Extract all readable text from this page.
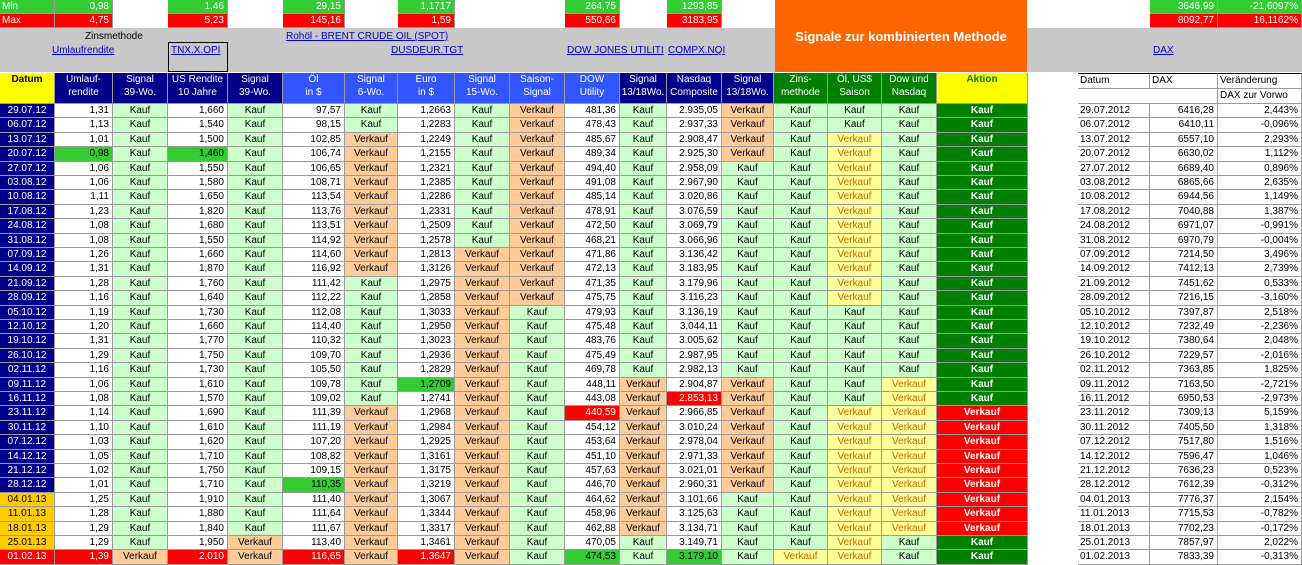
Min	0,98	1,46	29,15	1,1717	264,75	1293,85	3646,99	-21,6097%
Max	4,75	5,23	145,16	1,59	550,66	3183,95	8092,77	16,1162%
Zinsmethode
Umlaufrendite	TNX.X.OPI
Rohöl - BRENT CRUDE OIL (SPOT)
DUSDEUR.TGT	DOW JONES UTILITI COMPX.NQI	DAX
Signale zur kombinierten Methode
Datum	Umlauf-
rendite
Signal
39-Wo.
US Rendite
10 Jahre
Signal
39-Wo.
Öl
in $
Signal
6-Wo.
Euro
in $
Signal
15-Wo.
Saison-
Signal
DOW
Utility
Signal
13/18Wo.
Nasdaq
Composite
Signal
13/18Wo.
Zins-
methode
Öl, US$
Saison
Dow und
Nasdaq
Aktion
29.07.12	1,31	Kauf	1,660	Kauf	97,57	Kauf	1,2663	Kauf	Verkauf	481,36	Kauf	2.935,05	Verkauf	Kauf	Kauf	Kauf	Kauf
06.07.12	1,13	Kauf	1,540	Kauf	98,15	Kauf	1,2283	Kauf	Verkauf	478,43	Kauf	2.937,33	Verkauf	Kauf	Kauf	Kauf	Kauf
13.07.12	1,01	Kauf	1,500	Kauf	102,85	Verkauf	1,2249	Kauf	Verkauf	485,67	Kauf	2.908,47	Verkauf	Kauf	Verkauf	Kauf	Kauf
20.07.12	0,98	Kauf	1,460	Kauf	106,74	Verkauf	1,2155	Kauf	Verkauf	489,34	Kauf	2.925,30	Verkauf	Kauf	Verkauf	Kauf	Kauf
27.07.12	1,06	Kauf	1,550	Kauf	106,65	Verkauf	1,2321	Kauf	Verkauf	494,40	Kauf	2.958,09	Kauf	Kauf	Verkauf	Kauf	Kauf
03.08.12	1,06	Kauf	1,580	Kauf	108,71	Verkauf	1,2385	Kauf	Verkauf	491,08	Kauf	2.967,90	Kauf	Kauf	Verkauf	Kauf	Kauf
10.08.12	1,11	Kauf	1,650	Kauf	113,54	Verkauf	1,2286	Kauf	Verkauf	485,14	Kauf	3.020,86	Kauf	Kauf	Verkauf	Kauf	Kauf
17.08.12	1,23	Kauf	1,820	Kauf	113,76	Verkauf	1,2331	Kauf	Verkauf	478,91	Kauf	3.076,59	Kauf	Kauf	Verkauf	Kauf	Kauf
24.08.12	1,08	Kauf	1,680	Kauf	113,51	Verkauf	1,2509	Kauf	Verkauf	472,50	Kauf	3.069,79	Kauf	Kauf	Verkauf	Kauf	Kauf
31.08.12	1,08	Kauf	1,550	Kauf	114,92	Verkauf	1,2578	Kauf	Verkauf	468,21	Kauf	3.066,96	Kauf	Kauf	Verkauf	Kauf	Kauf
07.09.12	1,26	Kauf	1,660	Kauf	114,60	Verkauf	1,2813	Verkauf	Verkauf	471,86	Kauf	3.136,42	Kauf	Kauf	Verkauf	Kauf	Kauf
14.09.12	1,31	Kauf	1,870	Kauf	116,92	Verkauf	1,3126	Verkauf	Verkauf	472,13	Kauf	3.183,95	Kauf	Kauf	Verkauf	Kauf	Kauf
21.09.12	1,28	Kauf	1,760	Kauf	111,42	Kauf	1,2975	Verkauf	Verkauf	471,35	Kauf	3.179,96	Kauf	Kauf	Verkauf	Kauf	Kauf
28.09.12	1,16	Kauf	1,640	Kauf	112,22	Kauf	1,2858	Verkauf	Verkauf	475,75	Kauf	3.116,23	Kauf	Kauf	Verkauf	Kauf	Kauf
05.10.12	1,19	Kauf	1,730	Kauf	112,08	Kauf	1,3033	Verkauf	Kauf	479,93	Kauf	3.136,19	Kauf	Kauf	Kauf	Kauf	Kauf
12.10.12	1,20	Kauf	1,660	Kauf	114,40	Kauf	1,2950	Verkauf	Kauf	475,48	Kauf	3.044,11	Kauf	Kauf	Kauf	Kauf	Kauf
19.10.12	1,31	Kauf	1,770	Kauf	110,32	Kauf	1,3023	Verkauf	Kauf	483,76	Kauf	3.005,62	Kauf	Kauf	Kauf	Kauf	Kauf
26.10.12	1,29	Kauf	1,750	Kauf	109,70	Kauf	1,2936	Verkauf	Kauf	475,49	Kauf	2.987,95	Kauf	Kauf	Kauf	Kauf	Kauf
02.11.12	1,16	Kauf	1,730	Kauf	105,50	Kauf	1,2829	Verkauf	Kauf	469,78	Kauf	2.982,13	Kauf	Kauf	Kauf	Kauf	Kauf
09.11.12	1,06	Kauf	1,610	Kauf	109,78	Kauf	1,2709	Verkauf	Kauf	448,11	Verkauf	2.904,87	Verkauf	Kauf	Kauf	Verkauf	Kauf
16.11.12	1,08	Kauf	1,570	Kauf	109,02	Kauf	1,2741	Verkauf	Kauf	443,08	Verkauf	2.853,13	Verkauf	Kauf	Kauf	Verkauf	Kauf
23.11.12	1,14	Kauf	1,690	Kauf	111,39	Verkauf	1,2968	Verkauf	Kauf	440,59	Verkauf	2.966,85	Verkauf	Kauf	Verkauf	Verkauf	Verkauf
30.11.12	1,10	Kauf	1,610	Kauf	111,19	Verkauf	1,2984	Verkauf	Kauf	454,12	Verkauf	3.010,24	Verkauf	Kauf	Verkauf	Verkauf	Verkauf
07.12.12	1,03	Kauf	1,620	Kauf	107,20	Verkauf	1,2925	Verkauf	Kauf	453,64	Verkauf	2.978,04	Verkauf	Kauf	Verkauf	Verkauf	Verkauf
14.12.12	1,05	Kauf	1,710	Kauf	108,82	Verkauf	1,3161	Verkauf	Kauf	451,10	Verkauf	2.971,33	Verkauf	Kauf	Verkauf	Verkauf	Verkauf
21.12.12	1,02	Kauf	1,750	Kauf	109,15	Verkauf	1,3175	Verkauf	Kauf	457,63	Verkauf	3.021,01	Verkauf	Kauf	Verkauf	Verkauf	Verkauf
28.12.12	1,01	Kauf	1,710	Kauf	110,35	Verkauf	1,3219	Verkauf	Kauf	446,70	Verkauf	2.960,31	Verkauf	Kauf	Verkauf	Verkauf	Verkauf
04.01.13	1,25	Kauf	1,910	Kauf	111,40	Verkauf	1,3067	Verkauf	Kauf	464,62	Verkauf	3.101,66	Kauf	Kauf	Verkauf	Verkauf	Verkauf
11.01.13	1,28	Kauf	1,880	Kauf	111,64	Verkauf	1,3344	Verkauf	Kauf	458,96	Verkauf	3.125,63	Kauf	Kauf	Verkauf	Verkauf	Verkauf
18.01.13	1,29	Kauf	1,840	Kauf	111,67	Verkauf	1,3317	Verkauf	Kauf	462,88	Verkauf	3.134,71	Kauf	Kauf	Verkauf	Verkauf	Verkauf
25.01.13	1,29	Kauf	1,950	Verkauf	113,40	Verkauf	1,3461	Verkauf	Kauf	470,05	Kauf	3.149,71	Kauf	Kauf	Verkauf	Kauf	Kauf
01.02.13	1,39	Verkauf	2,010	Verkauf	116,65	Verkauf	1,3647	Verkauf	Kauf	474,53	Kauf	3.179,10	Kauf	Verkauf	Verkauf	Kauf	Kauf
Datum	DAX	Veränderung
DAX zur Vorwo
29.07.2012	6416,28	2,443%
06.07.2012	6410,11	-0,096%
13.07.2012	6557,10	2,293%
20.07.2012	6630,02	1,112%
27.07.2012	6689,40	0,896%
03.08.2012	6865,66	2,635%
10.08.2012	6944,56	1,149%
17.08.2012	7040,88	1,387%
24.08.2012	6971,07	-0,991%
31.08.2012	6970,79	-0,004%
07.09.2012	7214,50	3,496%
14.09.2012	7412,13	2,739%
21.09.2012	7451,62	0,533%
28.09.2012	7216,15	-3,160%
05.10.2012	7397,87	2,518%
12.10.2012	7232,49	-2,236%
19.10.2012	7380,64	2,048%
26.10.2012	7229,57	-2,016%
02.11.2012	7363,85	1,825%
09.11.2012	7163,50	-2,721%
16.11.2012	6950,53	-2,973%
23.11.2012	7309,13	5,159%
30.11.2012	7405,50	1,318%
07.12.2012	7517,80	1,516%
14.12.2012	7596,47	1,046%
21.12.2012	7636,23	0,523%
28.12.2012	7612,39	-0,312%
04.01.2013	7776,37	2,154%
11.01.2013	7715,53	-0,782%
18.01.2013	7702,23	-0,172%
25.01.2013	7857,97	2,022%
01.02.2013	7833,39	-0,313%
